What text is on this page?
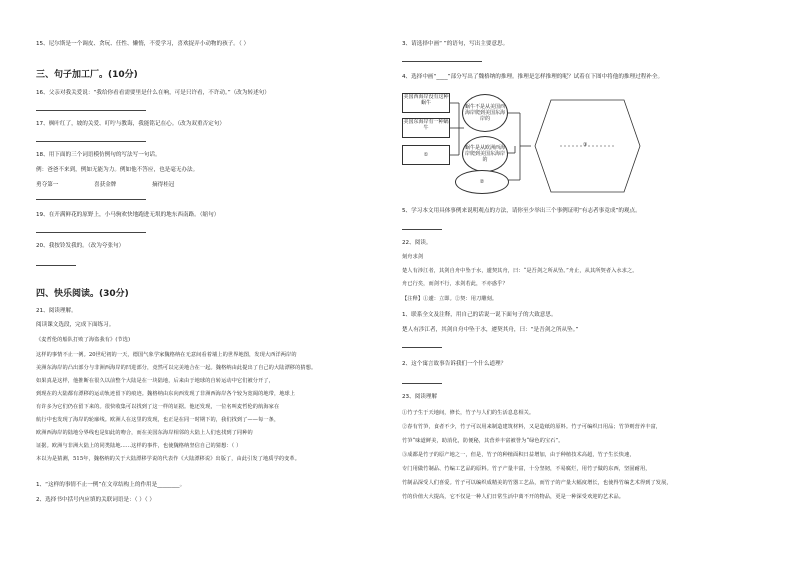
15、尼尔斯是一个调皮、贪玩、任性、懒惰，不爱学习，喜欢捉弄小动物的孩子。（ ）
三、句子加工厂。(10分)
16、父亲对我关爱说：“我给你看看需要里是什么在响，可是只许看，不许动。”（改为转述句）
17、枫叶红了，坡的关爱、叮咛与教诲，我能铭记在心。（改为双重否定句）
18、用下面的三个词语模仿例句的写法写一句话。
例：爸爸不来到，例如无能为力。例如他不答应，也是毫无办法。
勇夺第一	喜获金牌	摘得桂冠
19、在开满鲜花的原野上，小马驹欢快地跑进无垠的地东西南路。（缩句）
20、我按铃发我的。（改为夸张句）
四、快乐阅读。(30分)
21、阅读理解。
阅读课文选段，完成下面练习。
《麦哲伦的船队打败了海盗我有》(节选)
这样的事情不止一例。20世纪初的一天，德国气象学家魏格纳在无意间看着墙上的世界地图，发现大西洋两岸的
美洲东海岸的凸出部分与非洲西海岸的凹进部分，竟然可以完美地合在一起。魏格纳由此提出了自己的大陆漂移的猜想。
如果真是这样，他推断在很久以前整个大陆是在一块陆地，后来由于地球的自转运动中它们被分开了，
到现在的大陆都有漂移的运动轨迹留下的痕迹。魏格纳由东向西发现了非洲西海岸各个较为宽阔的地带，地球上
有许多为它们仍在留下来的。很快收集可以找到了这一样的证据。他还发现，一位名叫麦哲伦的航海家在
航行中也发现了海岸的轮廓线。欧洲人在这里的发现，也正是在同一时期下的，我们找到了——每一条，
欧洲西海岸的陆地分界线也是如此的吻合，而在美国东海岸相邻的大陆上人们也找到了同种的
证据。欧洲与非洲大陆上的同类陆地……这样的事件，也使魏格纳坚信自己的猜想：（ ）
本以为是猜测，515年，魏格纳的关于大陆漂移学说的代表作《大陆漂移说》出版了，由此引发了地质学的变革。
1、“这样的事情不止一例”在文章结构上的作用是________。
2、选择书中括号内应填的关联词语是：（ ）（ ）
3、请选择中画“ ”的语句，写出主要意思。
4、选择中画“____”部分写出了魏格纳的推理。推理是怎样推理的呢？试着在下图中将他的推理过程补全。
美国西海岸没有这种蜗牛
美国东海岸有一种蜗牛
①
蜗牛不是从美国西海岸爬到美国东海岸的
蜗牛是从欧洲西海岸爬到美国东海岸的
②
③
5、学习本文用具体事例来说明观点的方法，请你至少举出三个事例证明“有志者事竟成”的观点。
22、阅读。
刻舟求剑
楚人有涉江者，其剑自舟中坠于水，遽契其舟，曰：“是吾剑之所从坠。”舟止，从其所契者入水求之。
舟已行矣，而剑不行，求剑若此，不亦惑乎？
【注释】①遽：立即。②契：用刀雕刻。
1、联系全文及注释，用自己的话说一说下面句子的大致意思。
楚人有涉江者，其剑自舟中坠于水，遽契其舟，曰：“是吾剑之所从坠。”
2、这个寓言故事告诉我们一个什么道理？
23、阅读理解
①竹子生于天地间，修长，竹子与人们的生活息息相关。
②春有竹笋，食者不少，竹子可以用来制造建筑材料，又是造纸的原料。竹子可编织日用品；竹笋则营养丰富，
竹笋“味道鲜美，助消化，防便秘，其营养丰富被誉为“绿色的宝石”。
③成都是竹子的原产地之一，但是，竹子的种植面积日益增加，由于种植技术高超，竹子生长快速，
专门用做竹制品、竹编工艺品的原料。竹子产量丰富，十分坚韧，不易腐烂，用竹子做的东西，坚固耐用，
竹制品深受人们喜爱。竹子可以编织成精美的竹器工艺品，而竹子的产量大幅度增长，也使得竹编艺术得到了发展，
竹的价值大大提高，它不仅是一种人们日常生活中离不开的物品，更是一种深受欢迎的艺术品。
